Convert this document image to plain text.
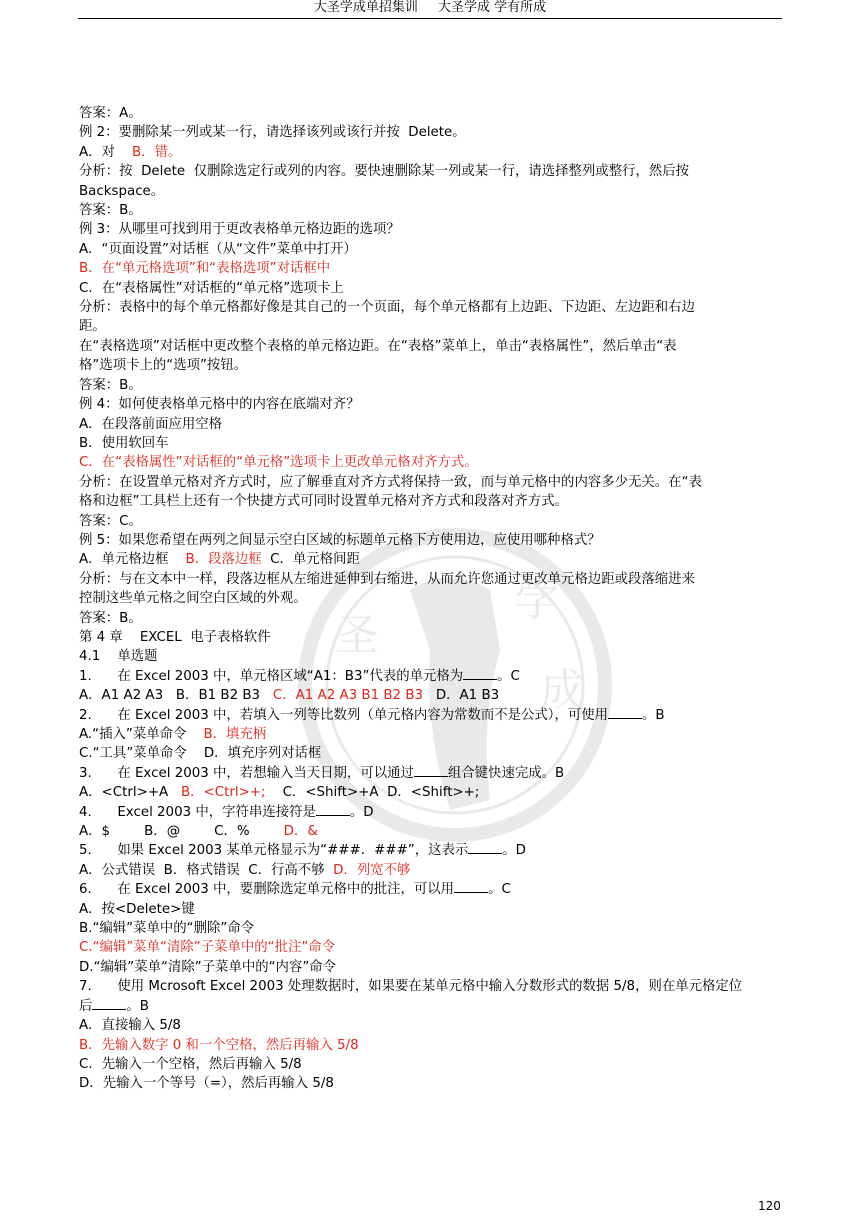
大圣学成单招集训 大圣学成 学有所成
圣
学
成
答案：A。
例 2：要删除某一列或某一行，请选择该列或该行并按  Delete。
A．对    B．错。
分析：按  Delete  仅删除选定行或列的内容。要快速删除某一列或某一行，请选择整列或整行，然后按
Backspace。
答案：B。
例 3：从哪里可找到用于更改表格单元格边距的选项？
A．“页面设置”对话框（从“文件”菜单中打开）
B．在“单元格选项”和“表格选项”对话框中
C．在“表格属性”对话框的“单元格”选项卡上
分析：表格中的每个单元格都好像是其自己的一个页面，每个单元格都有上边距、下边距、左边距和右边
距。
在“表格选项”对话框中更改整个表格的单元格边距。在“表格”菜单上，单击“表格属性”，然后单击“表
格”选项卡上的“选项”按钮。
答案：B。
例 4：如何使表格单元格中的内容在底端对齐？
A．在段落前面应用空格
B．使用软回车
C．在“表格属性”对话框的“单元格”选项卡上更改单元格对齐方式。
分析：在设置单元格对齐方式时，应了解垂直对齐方式将保持一致，而与单元格中的内容多少无关。在“表
格和边框”工具栏上还有一个快捷方式可同时设置单元格对齐方式和段落对齐方式。
答案：C。
例 5：如果您希望在两列之间显示空白区域的标题单元格下方使用边，应使用哪种格式？
A．单元格边框    B．段落边框  C．单元格间距
分析：与在文本中一样，段落边框从左缩进延伸到右缩进，从而允许您通过更改单元格边距或段落缩进来
控制这些单元格之间空白区域的外观。
答案：B。
第 4 章    EXCEL  电子表格软件
4.1    单选题
1.      在 Excel 2003 中，单元格区域“A1：B3”代表的单元格为	。C
A．A1 A2 A3   B．B1 B2 B3   C．A1 A2 A3 B1 B2 B3   D．A1 B3
2.      在 Excel 2003 中，若填入一列等比数列（单元格内容为常数而不是公式），可使用	。B
A.“插入”菜单命令    B．填充柄
C.“工具”菜单命令    D．填充序列对话框
3.      在 Excel 2003 中，若想输入当天日期，可以通过	组合键快速完成。B
A．<Ctrl>+A   B．<Ctrl>+;    C．<Shift>+A  D．<Shift>+;
4.      Excel 2003 中，字符串连接符是	。D
A．$        B．@        C．%        D．&
5.      如果 Excel 2003 某单元格显示为“###．###”，这表示	。D
A．公式错误  B．格式错误  C．行高不够  D．列宽不够
6.      在 Excel 2003 中，要删除选定单元格中的批注，可以用	。C
A．按<Delete>键
B.“编辑”菜单中的“删除”命令
C.“编辑”菜单“清除”子菜单中的“批注”命令
D.“编辑”菜单“清除”子菜单中的“内容”命令
7.      使用 Mcrosoft Excel 2003 处理数据时，如果要在某单元格中输入分数形式的数据 5/8，则在单元格定位
后	。B
A．直接输入 5/8
B．先输入数字 0 和一个空格，然后再输入 5/8
C．先输入一个空格，然后再输入 5/8
D．先输入一个等号（=），然后再输入 5/8
120
